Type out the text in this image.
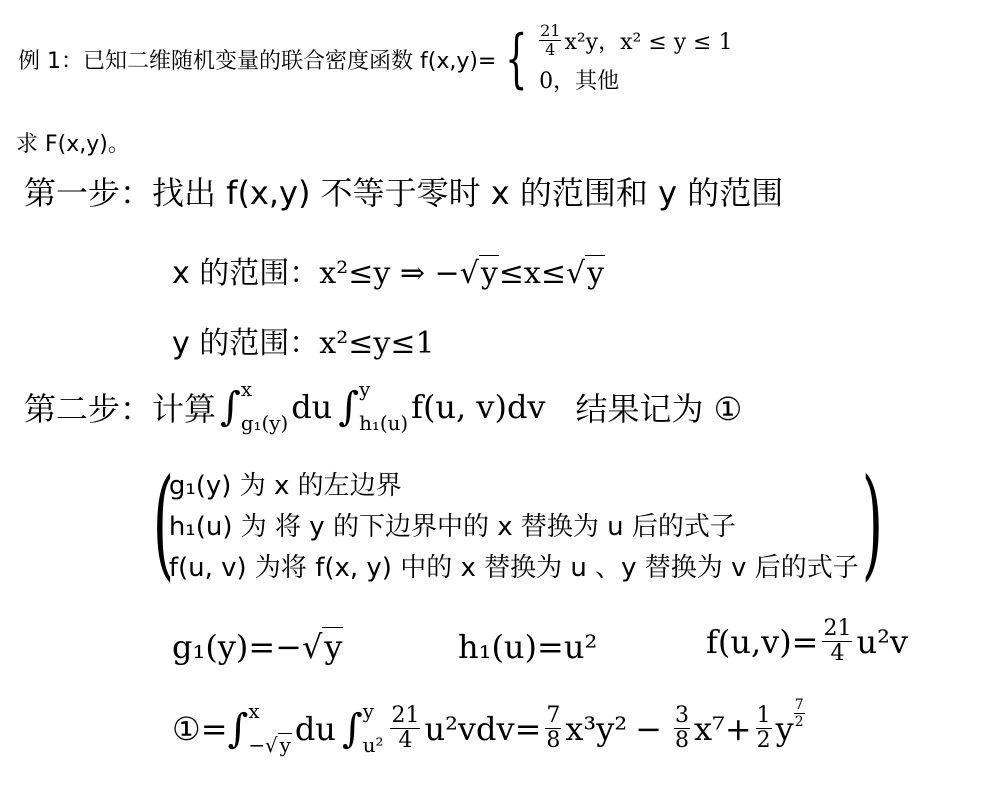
例 1：已知二维随机变量的联合密度函数 f(x,y)= { $\frac{21}{4} x^2y$，x² ≤ y ≤ 1
0，其他
求 F(x,y)。
第一步：找出 f(x,y) 不等于零时 x 的范围和 y 的范围
x 的范围：x²≤y ⇒ −√y≤x≤√y
y 的范围：x²≤y≤1
第二步：计算 ∫ x
g₁(y) du ∫ y
h₁(u) f(u, v)dv 结果记为 ①
(
g₁(y) 为 x 的左边界
h₁(u) 为 将 y 的下边界中的 x 替换为 u 后的式子
f(u, v) 为将 f(x, y) 中的 x 替换为 u 、y 替换为 v 后的式子 )
g₁(y)=−√y	h₁(u)=u²	$f(u,v)= \frac{21}{4} u^2v$
①= ∫ x
−√ y du ∫ y
$u^2 \frac{21}{4} u^2vdv= \frac{7}{8} x^3y^2 - \frac{3}{8} x^7+ \frac{1}{2}$ y $\frac{7}{2}$
